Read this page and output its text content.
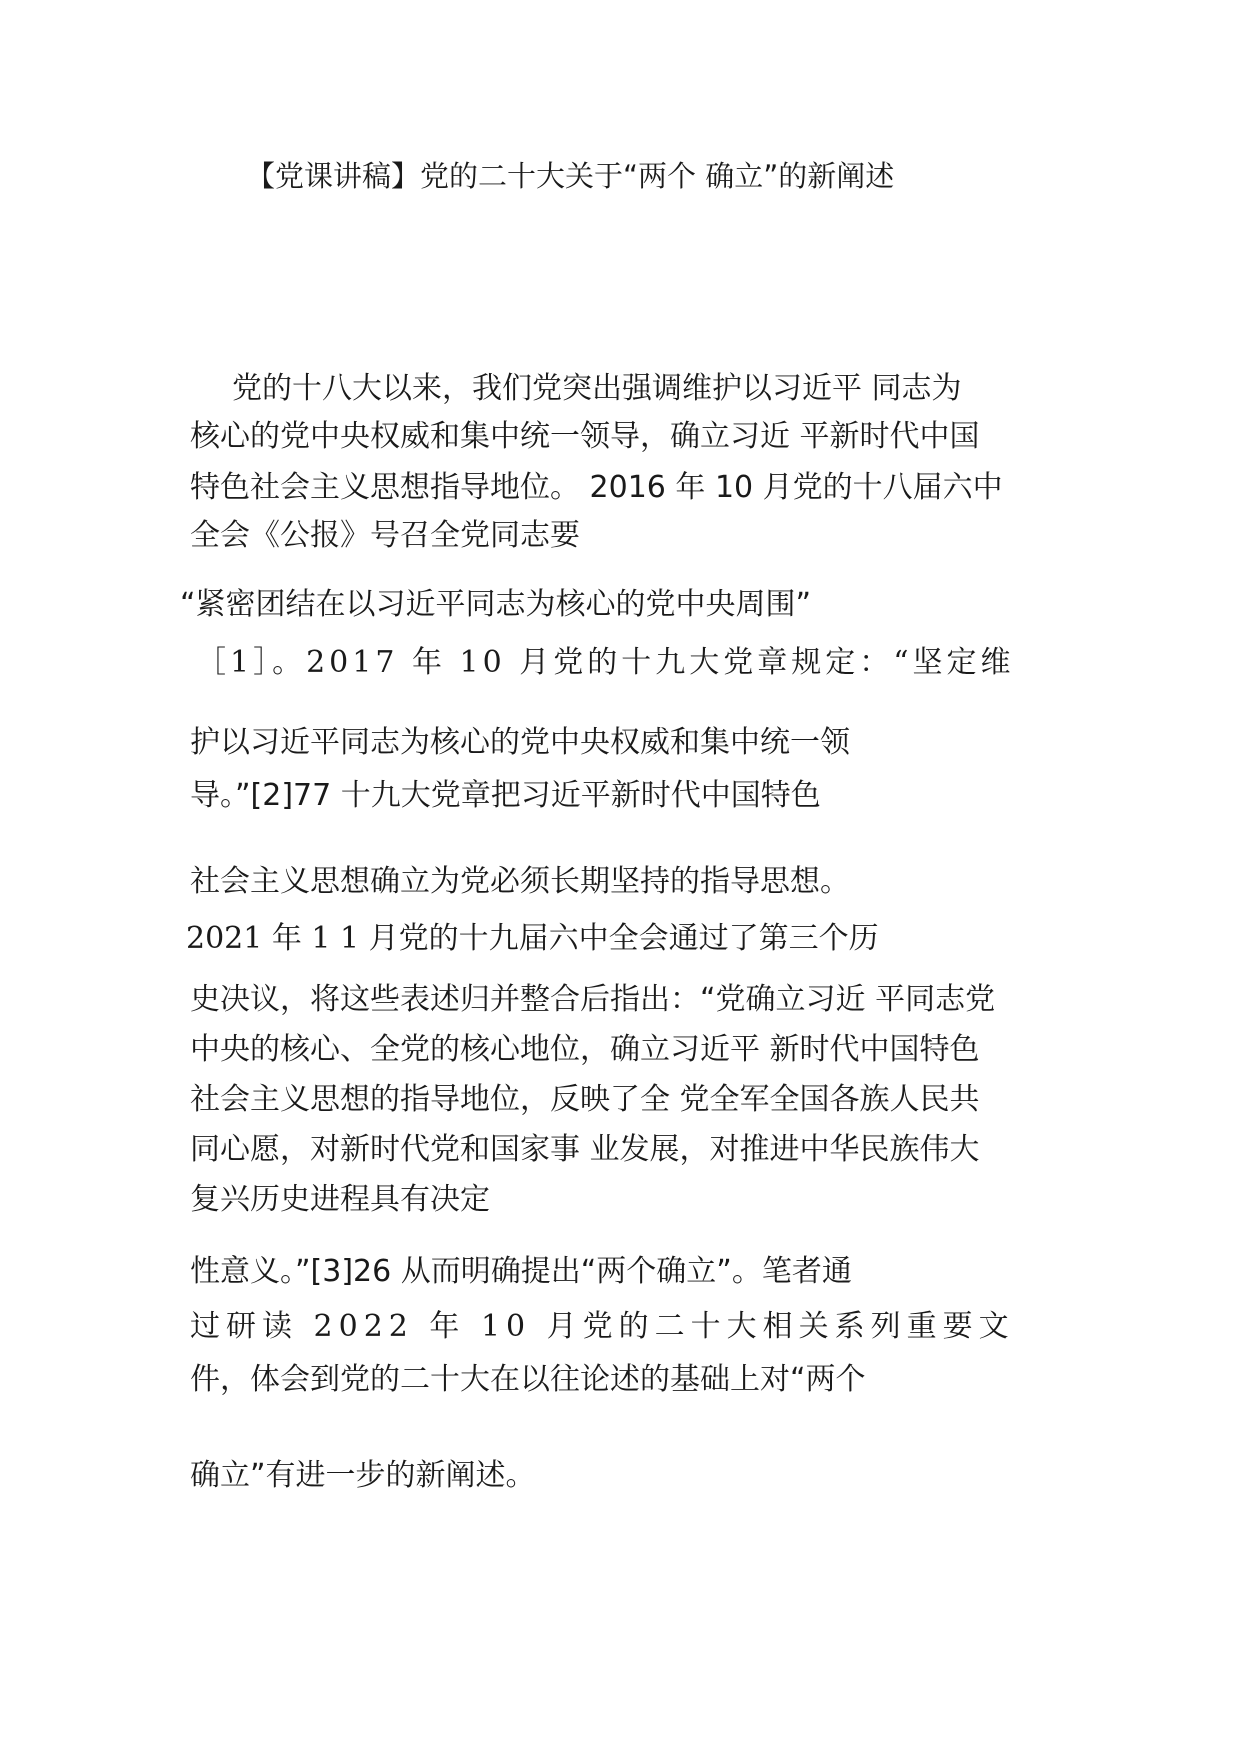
【党课讲稿】党的二十大关于“两个 确立”的新阐述
党的十八大以来，我们党突出强调维护以习近平 同志为
核心的党中央权威和集中统一领导，确立习近 平新时代中国
特色社会主义思想指导地位。 2016 年 10 月党的十八届六中
全会《公报》号召全党同志要
“紧密团结在以习近平同志为核心的党中央周围”
［1］。2017 年 10 月党的十九大党章规定：“坚定维
护以习近平同志为核心的党中央权威和集中统一领
导。”[2]77 十九大党章把习近平新时代中国特色
社会主义思想确立为党必须长期坚持的指导思想。
2021 年 1 1 月党的十九届六中全会通过了第三个历
史决议，将这些表述归并整合后指出：“党确立习近 平同志党
中央的核心、全党的核心地位，确立习近平 新时代中国特色
社会主义思想的指导地位，反映了全 党全军全国各族人民共
同心愿，对新时代党和国家事 业发展，对推进中华民族伟大
复兴历史进程具有决定
性意义。”[3]26 从而明确提出“两个确立”。笔者通
过研读 2022 年 10 月党的二十大相关系列重要文
件，体会到党的二十大在以往论述的基础上对“两个
确立”有进一步的新阐述。
